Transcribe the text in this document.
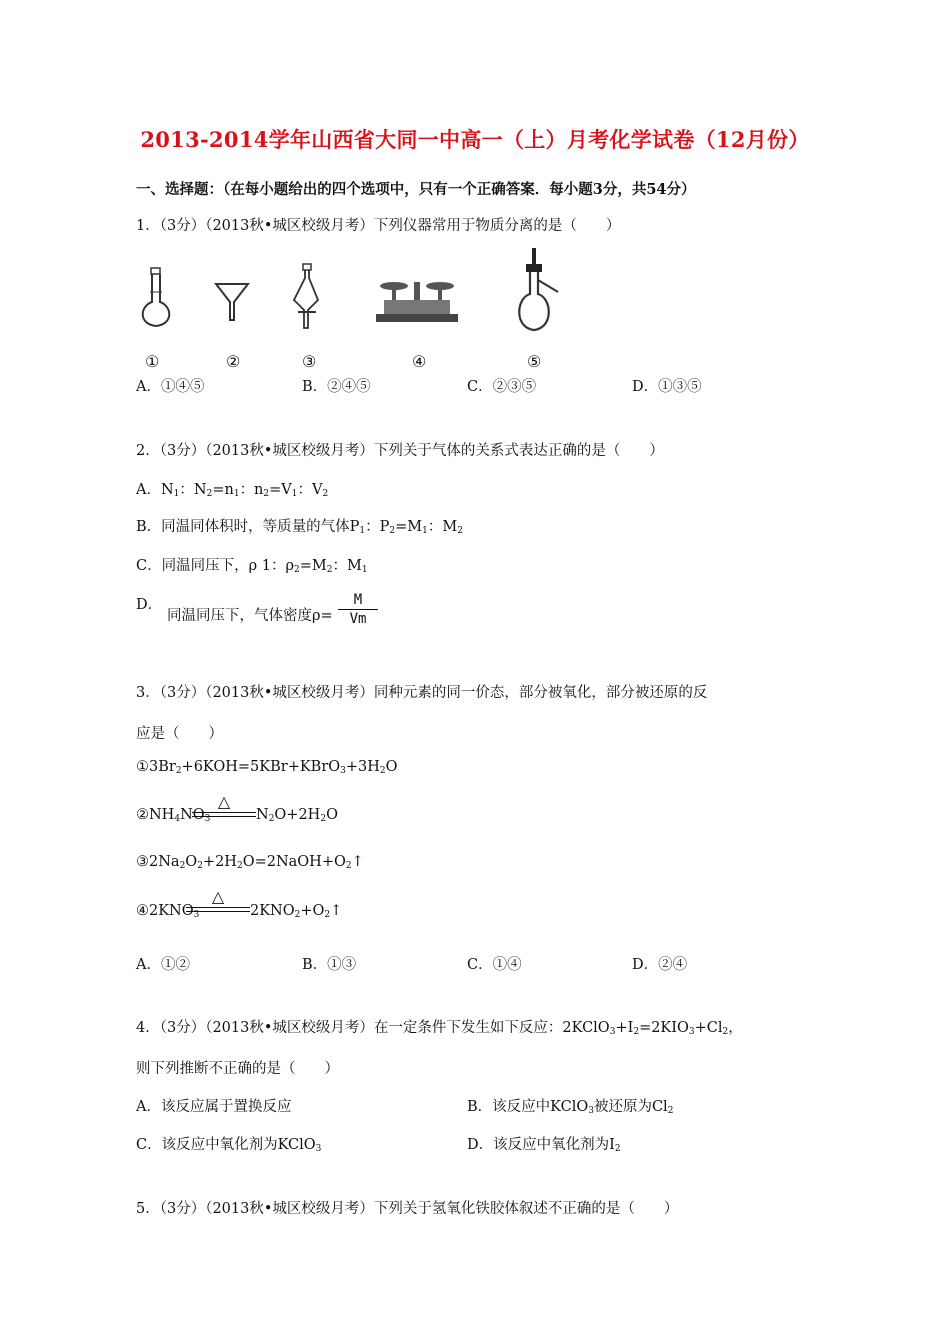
2013-2014学年山西省大同一中高一（上）月考化学试卷（12月份）
一、选择题：（在每小题给出的四个选项中，只有一个正确答案．每小题3分，共54分）
1．（3分）（2013秋•城区校级月考）下列仪器常用于物质分离的是（　　）
①	②	③	④	⑤
A．①④⑤	B．②④⑤	C．②③⑤	D．①③⑤
2．（3分）（2013秋•城区校级月考）下列关于气体的关系式表达正确的是（　　）
A．$N_1$：$N_2=n_1$：$n_2=V_1$：$V_2$
B．同温同体积时，等质量的气体$P_1$：$P_2=M_1$：$M_2$
C．同温同压下，ρ 1：$\rho_2=M_2$：$M_1$
D．
同温同压下，气体密度ρ=
M
Vm
3．（3分）（2013秋•城区校级月考）同种元素的同一价态，部分被氧化，部分被还原的反
应是（　　）
$①3Br_2+6KOH=5KBr+KBrO_3+3H_2O$
$②NH_4NO_3$
△
$N_2O+2H_2O$
$③2Na_2O_2+2H_2O=2NaOH+O_2↑$
$④2KNO_3$
△
$2KNO_2+O_2↑$
A．①②	B．①③	C．①④	D．②④
4．（3分）（2013秋•城区校级月考）在一定条件下发生如下反应：$2KClO_3+I_2=2KIO_3+Cl_2$，
则下列推断不正确的是（　　）
A．该反应属于置换反应	B．该反应中KClO$_3$被还原为$Cl_2$
C．该反应中氧化剂为KClO$_3$	D．该反应中氧化剂为$I_2$
5．（3分）（2013秋•城区校级月考）下列关于氢氧化铁胶体叙述不正确的是（　　）
